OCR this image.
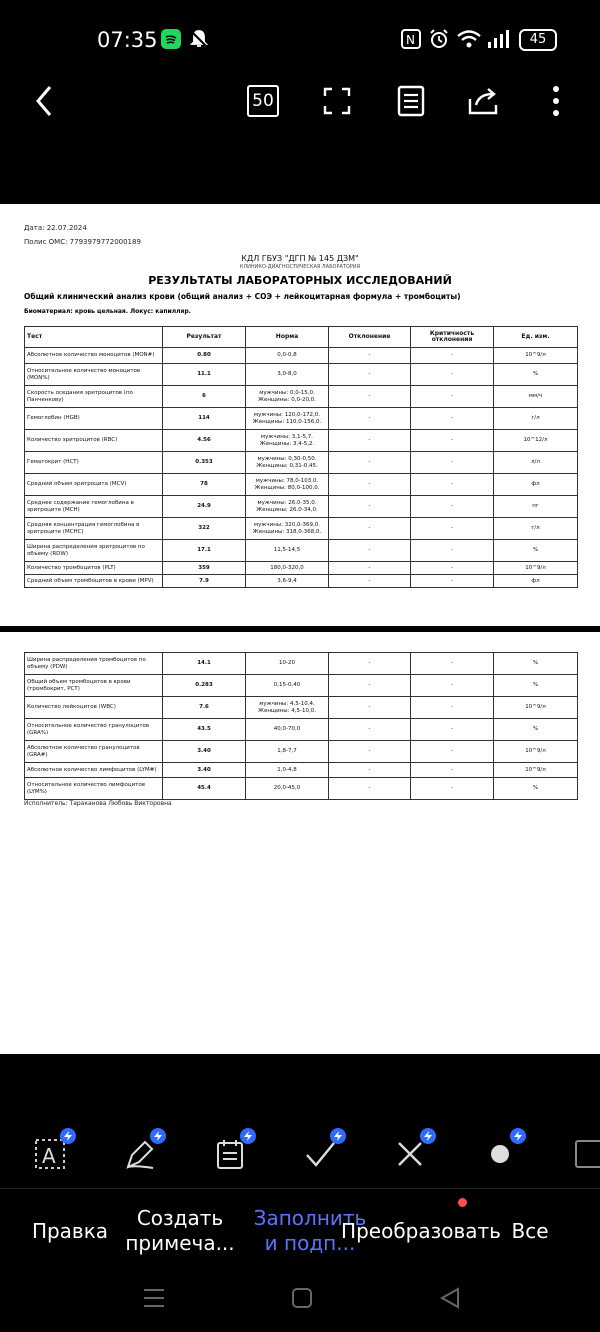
07:35	N	45
50
Дата: 22.07.2024
Полис ОМС: 7793979772000189
КДЛ ГБУЗ "ДГП № 145 ДЗМ"
КЛИНИКО-ДИАГНОСТИЧЕСКАЯ ЛАБОРАТОРИЯ
РЕЗУЛЬТАТЫ ЛАБОРАТОРНЫХ ИССЛЕДОВАНИЙ
Общий клинический анализ крови (общий анализ + СОЭ + лейкоцитарная формула + тромбоциты)
Биоматериал: кровь цельная. Локус: капилляр.
Тест	Результат	Норма	Отклонение	Критичность отклонения	Ед. изм.
Абсолютное количество моноцитов (MON#)	0.80	0,0-0,8	-	-	10^9/л
Относительное количество моноцитов (MON%)	11.1	3,0-8,0	-	-	%
Скорость оседания эритроцитов (по Панченкову)	6	мужчины: 0,0-15,0. Женщины: 0,0-20,0.	-	-	мм/ч
Гемоглобин (HGB)	114	мужчины: 120,0-172,0. Женщины: 110,0-156,0.	-	-	г/л
Количество эритроцитов (RBC)	4.56	мужчины: 3,1-5,7. Женщины: 3,4-5,2.	-	-	10^12/л
Гематокрит (HCT)	0.353	мужчины: 0,30-0,50. Женщины: 0,31-0,45.	-	-	л/л
Средний объем эритроцита (MCV)	78	мужчины: 78,0-103,0. Женщины: 80,0-100,0.	-	-	фл
Среднее содержание гемоглобина в эритроците (MCH)	24.9	мужчины: 26,0-35,0. Женщины: 26,0-34,0.	-	-	пг
Средняя концентрация гемоглобина в эритроците (MCHC)	322	мужчины: 320,0-369,0. Женщины: 318,0-368,0.	-	-	г/л
Ширина распределения эритроцитов по объему (RDW)	17.1	11,5-14,5	-	-	%
Количество тромбоцитов (PLT)	359	180,0-320,0	-	-	10^9/л
Средний объем тромбоцитов в крови (MPV)	7.9	3,6-9,4	-	-	фл
Ширина распределения тромбоцитов по объему (PDW)	14.1	10-20	-	-	%
Общий объем тромбоцитов в крови (тромбокрит, PCT)	0.283	0,15-0,40	-	-	%
Количество лейкоцитов (WBC)	7.6	мужчины: 4,5-10,4. Женщины: 4,5-10,0.	-	-	10^9/л
Относительное количество гранулоцитов (GRA%)	43.5	40,0-70,0	-	-	%
Абсолютное количество гранулоцитов (GRA#)	3.40	1,8-7,7	-	-	10^9/л
Абсолютное количество лимфоцитов (LYM#)	3.40	1,0-4,8	-	-	10^9/л
Относительное количество лимфоцитов (LYM%)	45.4	20,0-45,0	-	-	%
Исполнитель: Тараканова Любовь Викторовна
A
Правка
Создать примеча...
Заполнить и подп...
Преобразовать Все
